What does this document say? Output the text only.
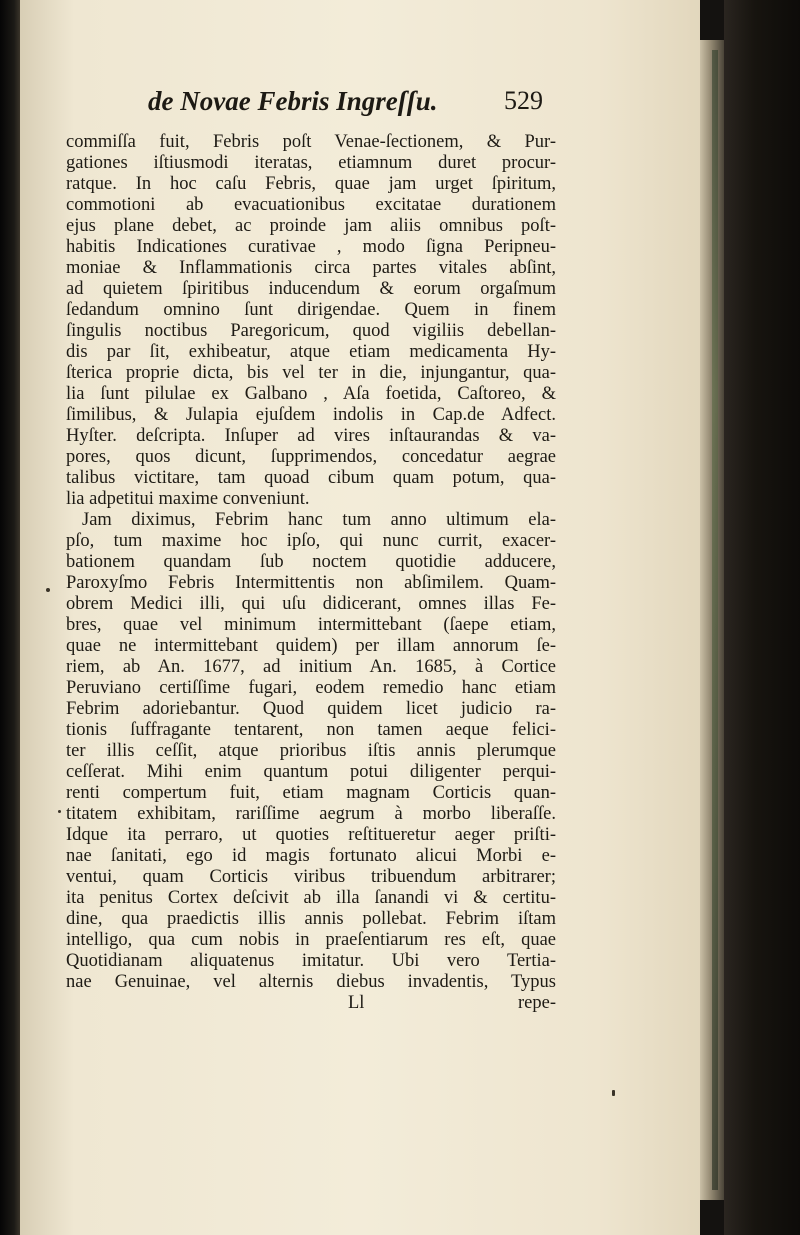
de Novae Febris Ingreſſu.	529
commiſſa fuit, Febris poſt Venae-ſectionem, & Pur-
gationes iſtiusmodi iteratas, etiamnum duret procur-
ratque. In hoc caſu Febris, quae jam urget ſpiritum,
commotioni ab evacuationibus excitatae durationem
ejus plane debet, ac proinde jam aliis omnibus poſt-
habitis Indicationes curativae , modo ſigna Peripneu-
moniae & Inflammationis circa partes vitales abſint,
ad quietem ſpiritibus inducendum & eorum orgaſmum
ſedandum omnino ſunt dirigendae. Quem in finem
ſingulis noctibus Paregoricum, quod vigiliis debellan-
dis par ſit, exhibeatur, atque etiam medicamenta Hy-
ſterica proprie dicta, bis vel ter in die, injungantur, qua-
lia ſunt pilulae ex Galbano , Aſa foetida, Caſtoreo, &
ſimilibus, & Julapia ejuſdem indolis in Cap.de Adfect.
Hyſter. deſcripta. Inſuper ad vires inſtaurandas & va-
pores, quos dicunt, ſupprimendos, concedatur aegrae
talibus victitare, tam quoad cibum quam potum, qua-
lia adpetitui maxime conveniunt.
Jam diximus, Febrim hanc tum anno ultimum ela-
pſo, tum maxime hoc ipſo, qui nunc currit, exacer-
bationem quandam ſub noctem quotidie adducere,
Paroxyſmo Febris Intermittentis non abſimilem. Quam-
obrem Medici illi, qui uſu didicerant, omnes illas Fe-
bres, quae vel minimum intermittebant (ſaepe etiam,
quae ne intermittebant quidem) per illam annorum ſe-
riem, ab An. 1677, ad initium An. 1685, à Cortice
Peruviano certiſſime fugari, eodem remedio hanc etiam
Febrim adoriebantur. Quod quidem licet judicio ra-
tionis ſuffragante tentarent, non tamen aeque felici-
ter illis ceſſit, atque prioribus iſtis annis plerumque
ceſſerat. Mihi enim quantum potui diligenter perqui-
renti compertum fuit, etiam magnam Corticis quan-
titatem exhibitam, rariſſime aegrum à morbo liberaſſe.
Idque ita perraro, ut quoties reſtitueretur aeger priſti-
nae ſanitati, ego id magis fortunato alicui Morbi e-
ventui, quam Corticis viribus tribuendum arbitrarer;
ita penitus Cortex deſcivit ab illa ſanandi vi & certitu-
dine, qua praedictis illis annis pollebat. Febrim iſtam
intelligo, qua cum nobis in praeſentiarum res eſt, quae
Quotidianam aliquatenus imitatur. Ubi vero Tertia-
nae Genuinae, vel alternis diebus invadentis, Typus
Ll	repe-
